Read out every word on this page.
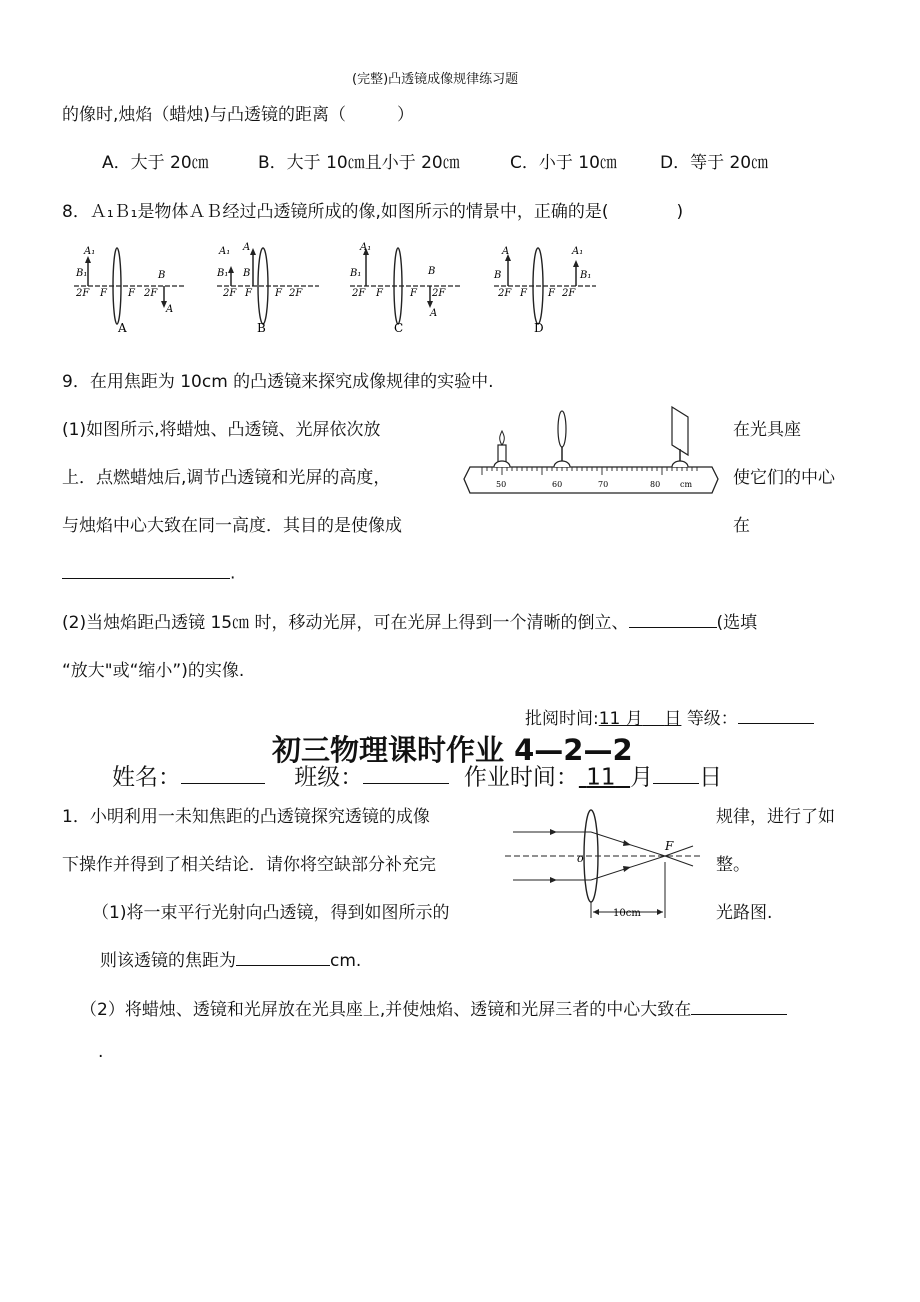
(完整)凸透镜成像规律练习题
的像时,烛焰（蜡烛)与凸透镜的距离（　　　）
A．大于 20㎝	B．大于 10㎝且小于 20㎝	C．小于 10㎝	D．等于 20㎝
8．Ａ₁Ｂ₁是物体ＡＢ经过凸透镜所成的像,如图所示的情景中，正确的是(　　　　)
A₁
B₁	B
A
2F F F 2F
A
A₁ A
B₁ B
2F F F 2F
B
A₁
B₁	B
A
2F F	F 2F
C
A	A₁
B	B₁
2F F F 2F
D
9．在用焦距为 10cm 的凸透镜来探究成像规律的实验中.
(1)如图所示,将蜡烛、凸透镜、光屏依次放
上．点燃蜡烛后,调节凸透镜和光屏的高度，
与烛焰中心大致在同一高度．其目的是使像成
在光具座
使它们的中心
在
.
50	60	70	80 cm
(2)当烛焰距凸透镜 15㎝ 时，移动光屏，可在光屏上得到一个清晰的倒立、	(选填
“放大"或“缩小”)的实像.
批阅时间:11 月 日 等级：
初三物理课时作业 4—2—2
姓名：	班级：	作业时间： 11 月 日
1．小明利用一未知焦距的凸透镜探究透镜的成像
下操作并得到了相关结论．请你将空缺部分补充完
（1)将一束平行光射向凸透镜，得到如图所示的
规律，进行了如
整。
光路图.
o
F
10cm
则该透镜的焦距为	cm.
（2）将蜡烛、透镜和光屏放在光具座上,并使烛焰、透镜和光屏三者的中心大致在
.
